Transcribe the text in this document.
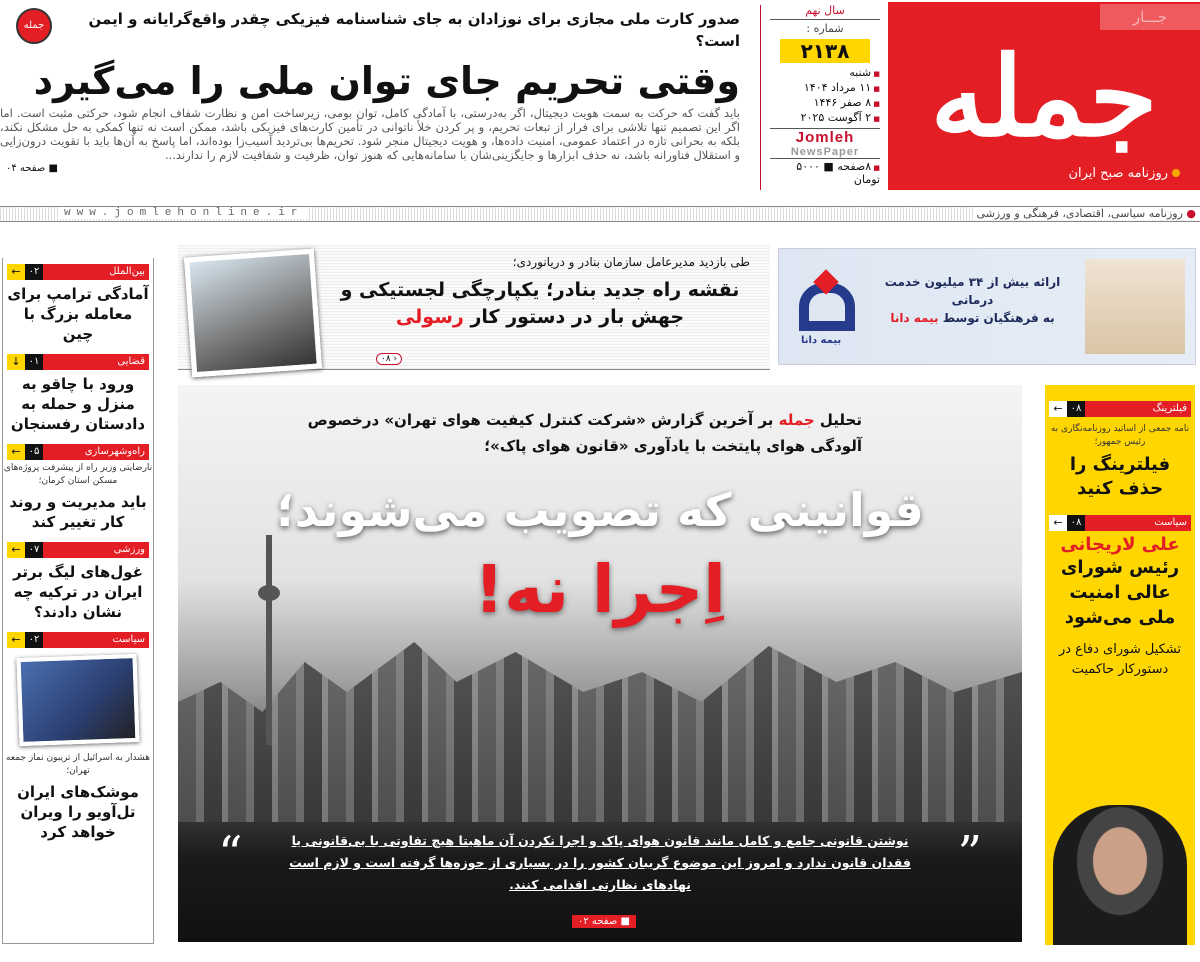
جـــار
جمله
روزنامه صبح ایران
سال نهم
شماره :
۲۱۳۸
■ شنبه
■ ۱۱ مرداد ۱۴۰۴
■ ۸ صفر ۱۴۴۶
■ ۲ آگوست ۲۰۲۵
Jomleh
NewsPaper
■ ۸صفحه ■ ۵۰۰۰ تومان
جمله	صدور کارت ملی مجازی برای نوزادان به جای شناسنامه فیزیکی چقدر واقع‌گرایانه و ایمن است؟
وقتی تحریم جای توان ملی را می‌گیرد
باید گفت که حرکت به سمت هویت دیجیتال، اگر به‌درستی، با آمادگی کامل، توان بومی، زیرساخت امن و نظارت شفاف انجام شود، حرکتی مثبت است. اما اگر این تصمیم تنها تلاشی برای فرار از تبعات تحریم، و پر کردن خلأ ناتوانی در تأمین کارت‌های فیزیکی باشد، ممکن است نه تنها کمکی به حل مشکل نکند، بلکه به بحرانی تازه در اعتماد عمومی، امنیت داده‌ها، و هویت دیجیتال منجر شود. تحریم‌ها بی‌تردید آسیب‌زا بوده‌اند، اما پاسخ به آن‌ها باید با تقویت درون‌زایی و استقلال فناورانه باشد، نه حذف ابزارها و جایگزینی‌شان با سامانه‌هایی که هنوز توان، ظرفیت و شفافیت لازم را ندارند...
■ صفحه ۰۴
● روزنامه سیاسی، اقتصادی، فرهنگی و ورزشی
www.jomlehonline.ir
طی بازدید مدیرعامل سازمان بنادر و دریانوردی؛
نقشه راه جدید بنادر؛ یکپارچگی لجستیکی و جهش بار در دستور کار رسولی
‹ ۰۸
ارائه بیش از ۳۴ میلیون خدمت درمانی
به فرهنگیان توسط بیمه دانا
بیمه دانا
تحلیل جمله بر آخرین گزارش «شرکت کنترل کیفیت هوای تهران» درخصوص آلودگی هوای پایتخت با یادآوری «قانون هوای پاک»؛
قوانینی که تصویب می‌شوند؛
اِجرا نه!
”
“	نوشتن قانونی جامع و کامل مانند قانون هوای پاک و اجرا نکردن آن ماهیتا هیچ تفاوتی با بی‌قانونی یا فقدان قانون ندارد و امروز این موضوع گریبان کشور را در بسیاری از حوزه‌ها گرفته است و لازم است نهادهای نظارتی اقدامی کنند.
■ صفحه ۰۲
← ۰۲	بین‌الملل
آمادگی ترامپ برای معامله بزرگ با چین
↓ ۰۱	قضایی
ورود با چاقو به منزل و حمله به دادستان رفسنجان
← ۰۵	راه‌وشهرسازی
نارضایتی وزیر راه از پیشرفت پروژه‌های مسکن استان کرمان؛
باید مدیریت و روند کار تغییر کند
← ۰۷	ورزشی
غول‌های لیگ برتر ایران در ترکیه چه نشان دادند؟
← ۰۲	سیاست
هشدار به اسرائیل از تریبون نماز جمعه تهران؛
موشک‌های ایران تل‌آویو را ویران خواهد کرد
← ۰۸	فیلترینگ
نامه جمعی از اساتید روزنامه‌نگاری به رئیس جمهور؛
فیلترینگ را حذف کنید
← ۰۸	سیاست
علی لاریجانی
رئیس شورای عالی امنیت ملی می‌شود
تشکیل شورای دفاع در دستورکار حاکمیت
